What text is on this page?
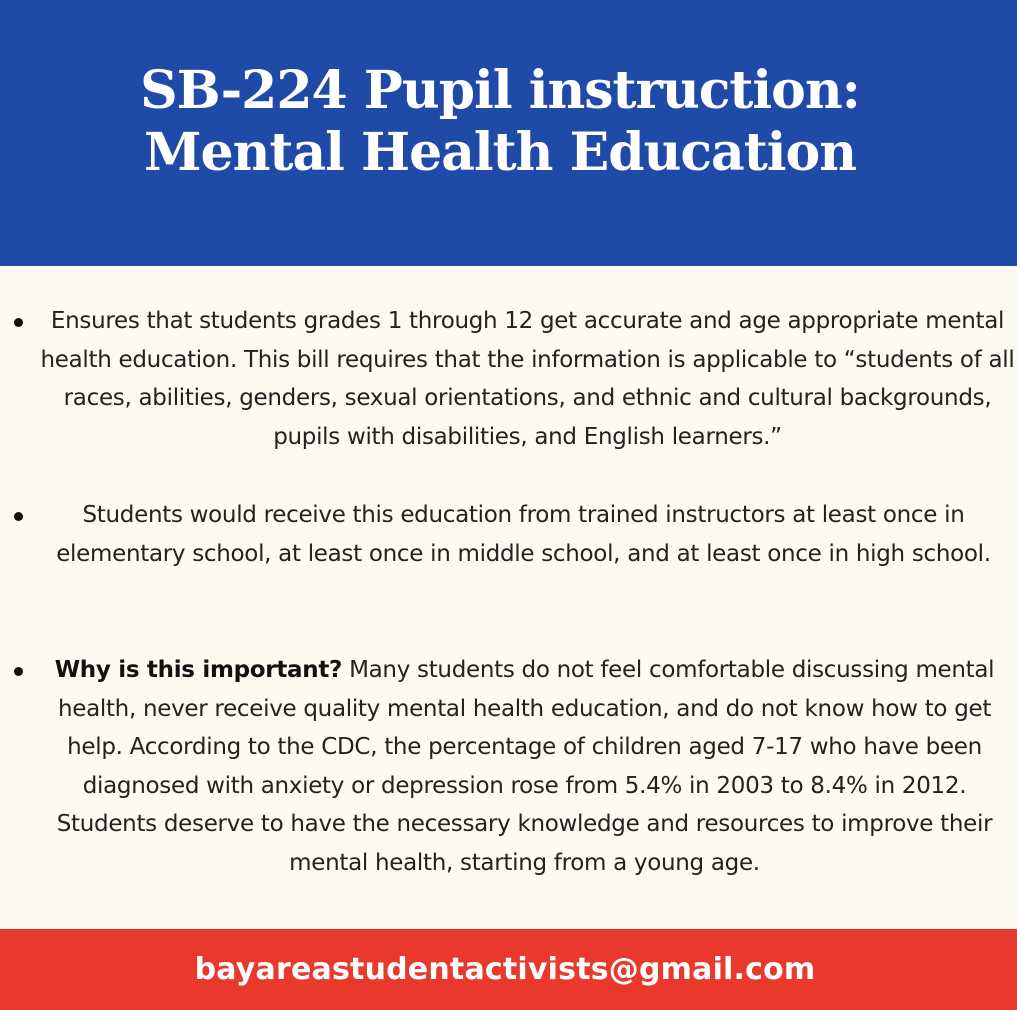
SB-224 Pupil instruction:
Mental Health Education
Ensures that students grades 1 through 12 get accurate and age appropriate mental health education. This bill requires that the information is applicable to “students of all races, abilities, genders, sexual orientations, and ethnic and cultural backgrounds, pupils with disabilities, and English learners.”
Students would receive this education from trained instructors at least once in elementary school, at least once in middle school, and at least once in high school.
Why is this important? Many students do not feel comfortable discussing mental health, never receive quality mental health education, and do not know how to get help. According to the CDC, the percentage of children aged 7-17 who have been diagnosed with anxiety or depression rose from 5.4% in 2003 to 8.4% in 2012. Students deserve to have the necessary knowledge and resources to improve their mental health, starting from a young age.
bayareastudentactivists@gmail.com
